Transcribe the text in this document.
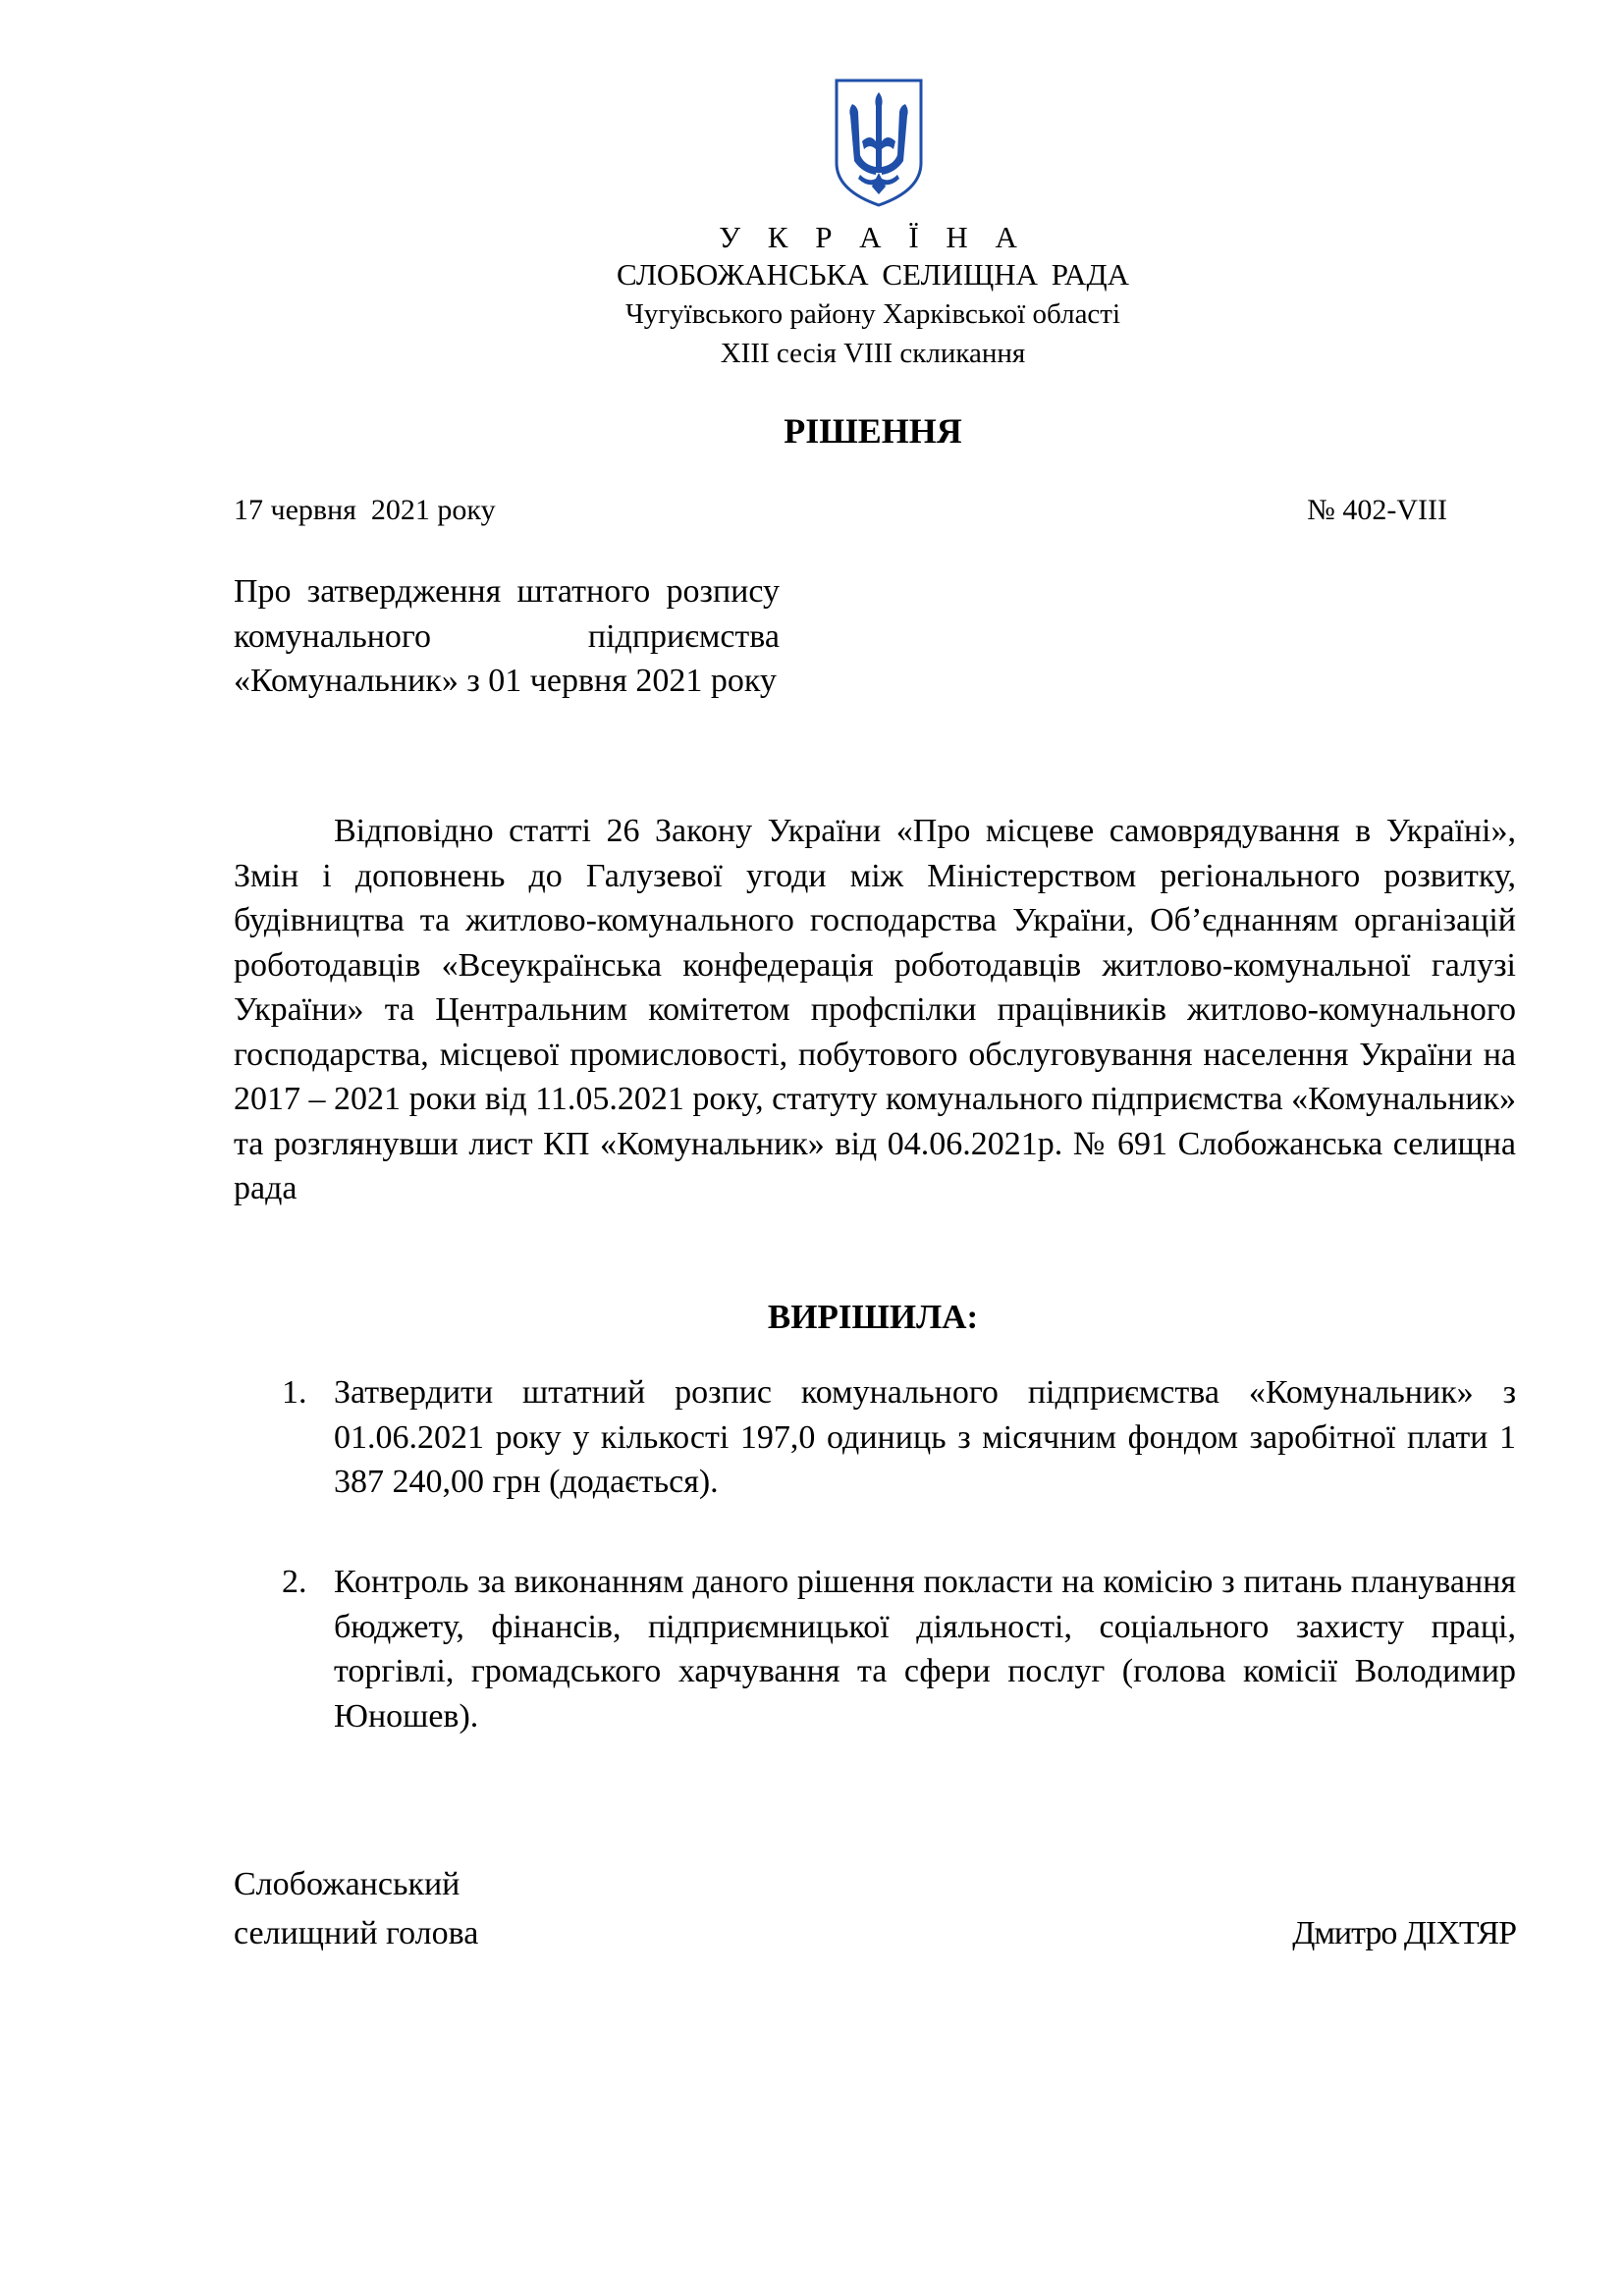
У К Р А Ї Н А
СЛОБОЖАНСЬКА СЕЛИЩНА РАДА
Чугуївського району Харківської області
XIII сесія VIII скликання
РІШЕННЯ
17 червня  2021 року	№ 402-VIII
Про затвердження штатного розпису комунального підприємства «Комунальник» з 01 червня 2021 року
Відповідно статті 26 Закону України «Про місцеве самоврядування в Україні», Змін і доповнень до Галузевої угоди між Міністерством регіонального розвитку, будівництва та житлово-комунального господарства України, Об’єднанням організацій роботодавців «Всеукраїнська конфедерація роботодавців житлово-комунальної галузі України» та Центральним комітетом профспілки працівників житлово-комунального господарства, місцевої промисловості, побутового обслуговування населення України на 2017 – 2021 роки від 11.05.2021 року, статуту комунального підприємства «Комунальник» та розглянувши лист КП «Комунальник» від 04.06.2021р. № 691 Слобожанська селищна рада
ВИРІШИЛА:
1. Затвердити штатний розпис комунального підприємства «Комунальник» з 01.06.2021 року у кількості 197,0 одиниць з місячним фондом заробітної плати 1 387 240,00 грн (додається).
2. Контроль за виконанням даного рішення покласти на комісію з питань планування бюджету, фінансів, підприємницької діяльності, соціального захисту праці, торгівлі, громадського харчування та сфери послуг (голова комісії Володимир Юношев).
Слобожанський
селищний голова	Дмитро ДІХТЯР
